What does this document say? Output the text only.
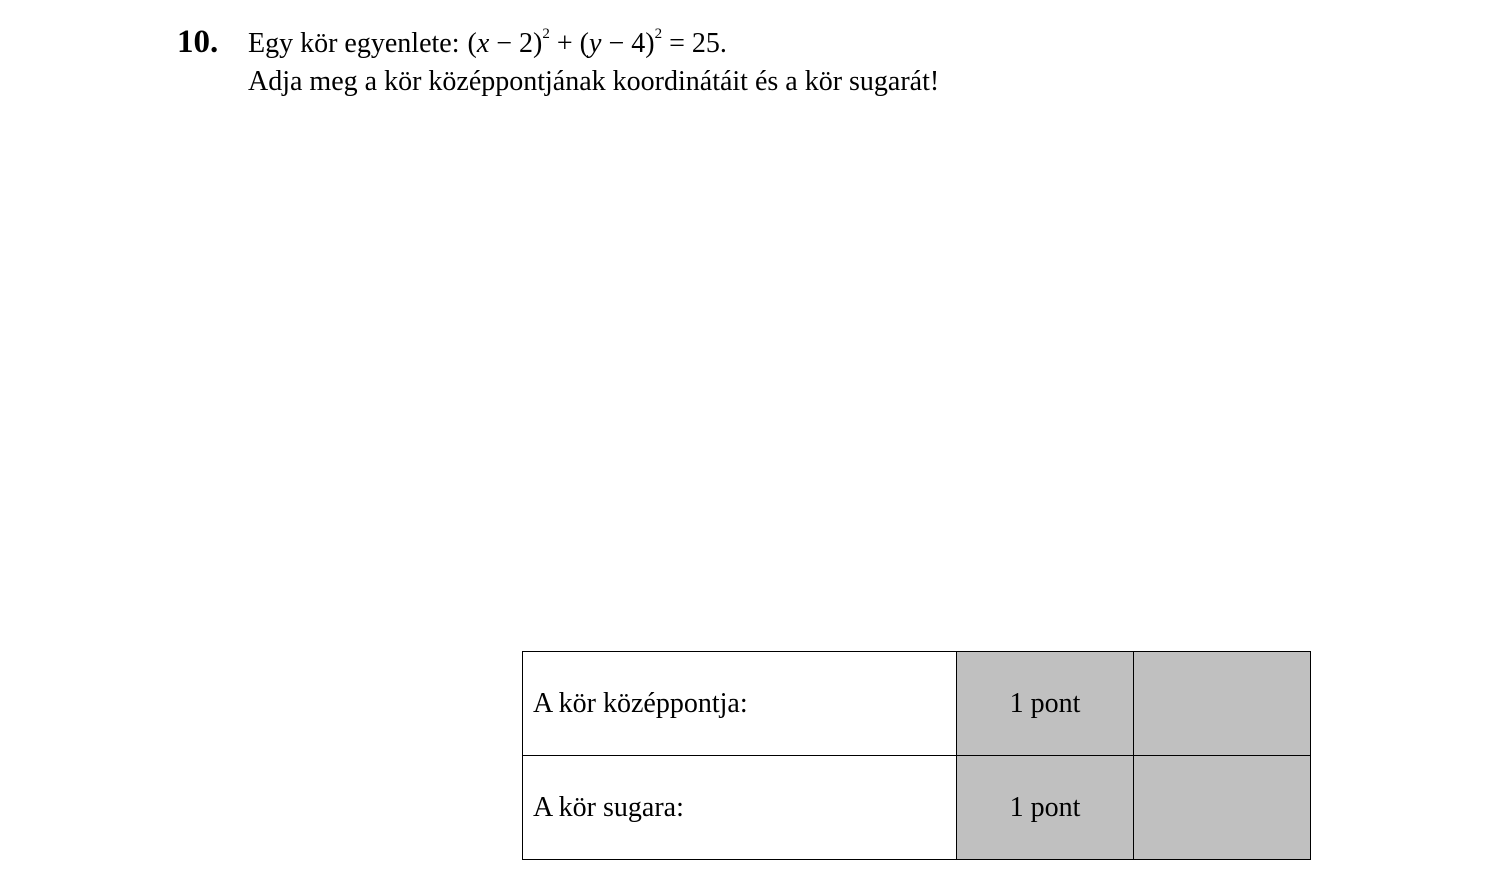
10. Egy kör egyenlete: $(x - 2)^2 + (y - 4)^2 = 25$.
Adja meg a kör középpontjának koordinátáit és a kör sugarát!
A kör középpontja:	1 pont	
A kör sugara:	1 pont	
